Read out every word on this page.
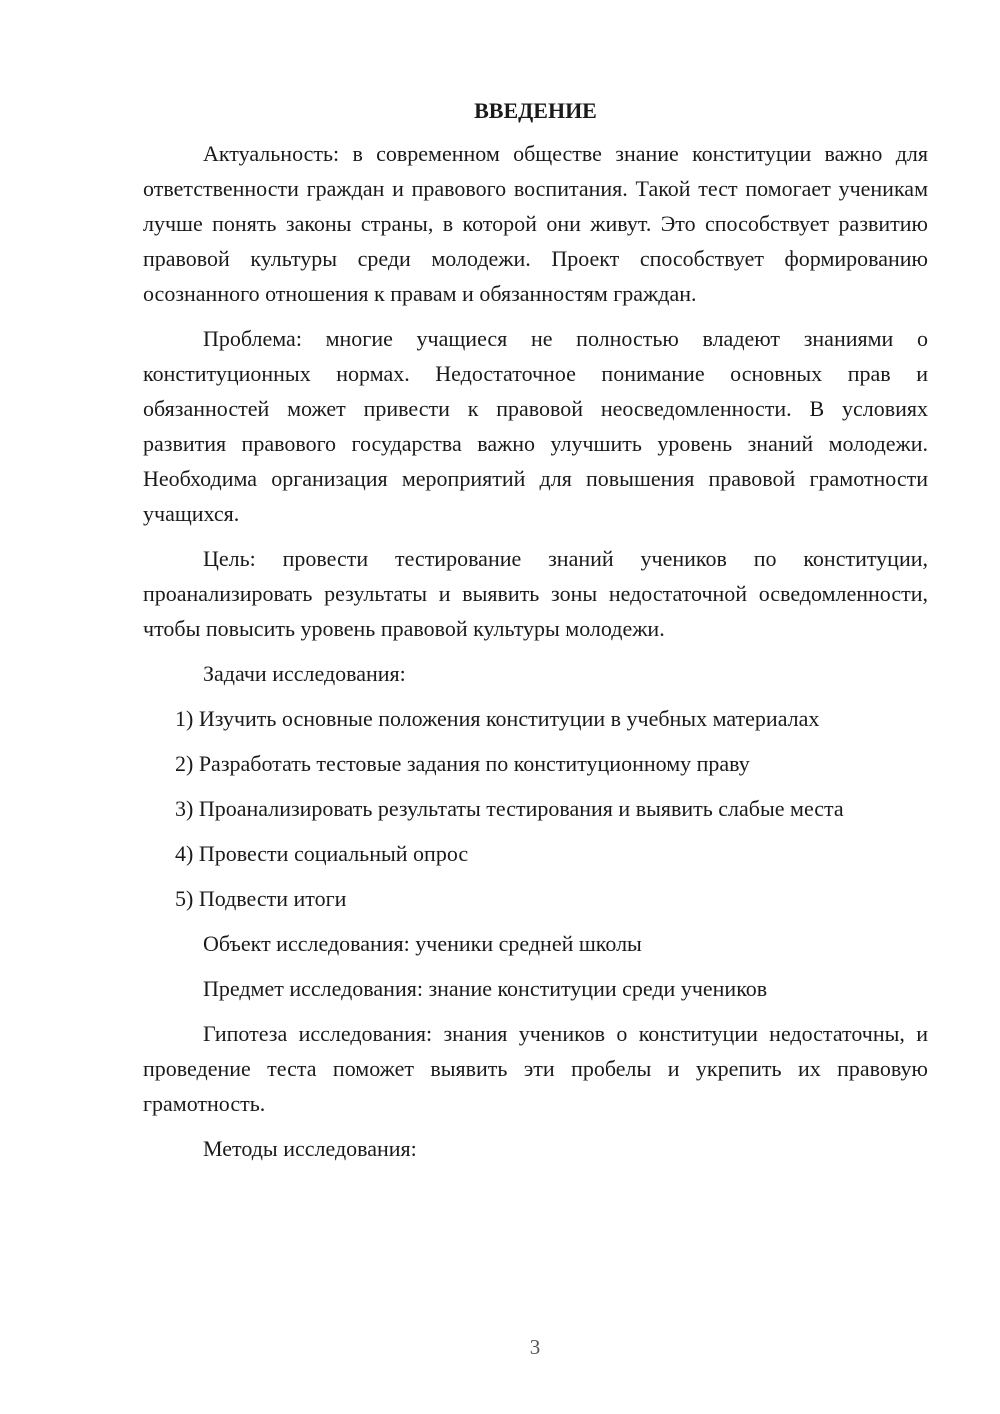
ВВЕДЕНИЕ

Актуальность: в современном обществе знание конституции важно для ответственности граждан и правового воспитания. Такой тест помогает ученикам лучше понять законы страны, в которой они живут. Это способствует развитию правовой культуры среди молодежи. Проект способствует формированию осознанного отношения к правам и обязанностям граждан.

Проблема: многие учащиеся не полностью владеют знаниями о конституционных нормах. Недостаточное понимание основных прав и обязанностей может привести к правовой неосведомленности. В условиях развития правового государства важно улучшить уровень знаний молодежи. Необходима организация мероприятий для повышения правовой грамотности учащихся.

Цель: провести тестирование знаний учеников по конституции, проанализировать результаты и выявить зоны недостаточной осведомленности, чтобы повысить уровень правовой культуры молодежи.

Задачи исследования:

1) Изучить основные положения конституции в учебных материалах

2) Разработать тестовые задания по конституционному праву

3) Проанализировать результаты тестирования и выявить слабые места

4) Провести социальный опрос

5) Подвести итоги

Объект исследования: ученики средней школы

Предмет исследования: знание конституции среди учеников

Гипотеза исследования: знания учеников о конституции недостаточны, и проведение теста поможет выявить эти пробелы и укрепить их правовую грамотность.

Методы исследования:

3
